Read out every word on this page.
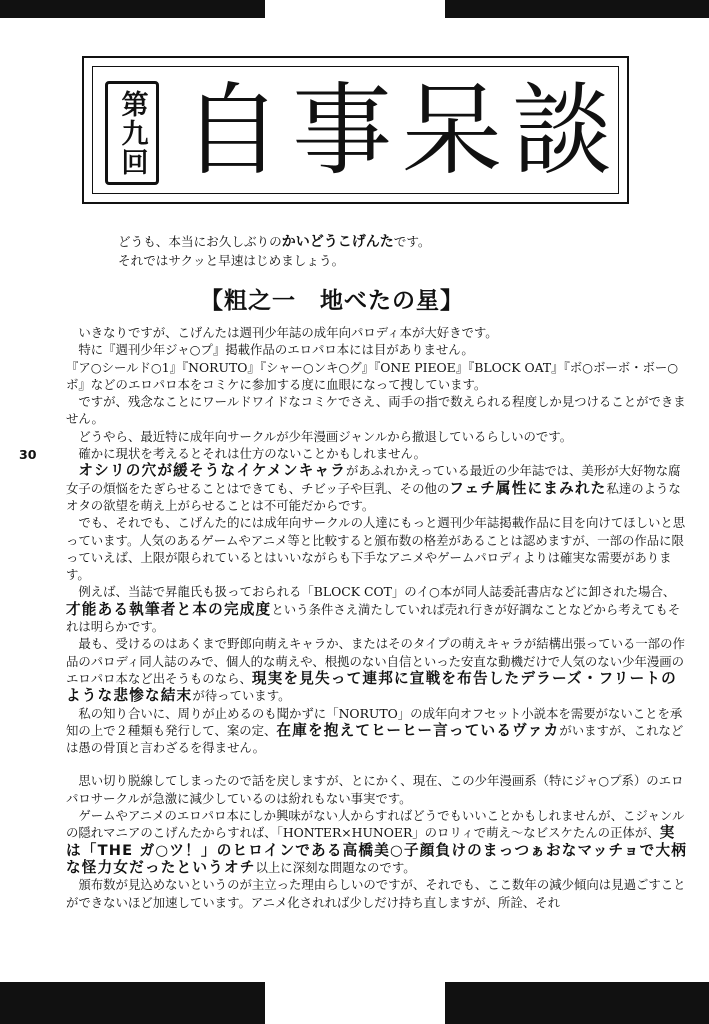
第九回 自 事 呆 談
どうも、本当にお久しぶりのかいどうこげんたです。
それではサクッと早速はじめましょう。
【粗之一　地べたの星】
30

いきなりですが、こげんたは週刊少年誌の成年向パロディ本が大好きです。

特に『週刊少年ジャ○プ』掲載作品のエロパロ本には目がありません。

『ア○シールド○1』『NORUTO』『シャー○ンキ○グ』『ONE PIEOE』『BLOCK OAT』『ボ○ボーボ・ボー○ボ』などのエロパロ本をコミケに参加する度に血眼になって捜しています。

ですが、残念なことにワールドワイドなコミケでさえ、両手の指で数えられる程度しか見つけることができません。

どうやら、最近特に成年向サークルが少年漫画ジャンルから撤退しているらしいのです。

確かに現状を考えるとそれは仕方のないことかもしれません。

オシリの穴が緩そうなイケメンキャラがあふれかえっている最近の少年誌では、美形が大好物な腐女子の煩悩をたぎらせることはできても、チビッ子や巨乳、その他のフェチ属性にまみれた私達のようなオタの欲望を萌え上がらせることは不可能だからです。

でも、それでも、こげんた的には成年向サークルの人達にもっと週刊少年誌掲載作品に目を向けてほしいと思っています。人気のあるゲームやアニメ等と比較すると頒布数の格差があることは認めますが、一部の作品に限っていえば、上限が限られているとはいいながらも下手なアニメやゲームパロディよりは確実な需要があります。

例えば、当誌で昇龍氏も扱っておられる「BLOCK COT」のイ○本が同人誌委託書店などに卸された場合、才能ある執筆者と本の完成度という条件さえ満たしていれば売れ行きが好調なことなどから考えてもそれは明らかです。

最も、受けるのはあくまで野郎向萌えキャラか、またはそのタイプの萌えキャラが結構出張っている一部の作品のパロディ同人誌のみで、個人的な萌えや、根拠のない自信といった安直な動機だけで人気のない少年漫画のエロパロ本など出そうものなら、現実を見失って連邦に宣戦を布告したデラーズ・フリートのような悲惨な結末が待っています。

私の知り合いに、周りが止めるのも聞かずに「NORUTO」の成年向オフセット小説本を需要がないことを承知の上で２種類も発行して、案の定、在庫を抱えてヒーヒー言っているヴァカがいますが、これなどは愚の骨頂と言わざるを得ません。

思い切り脱線してしまったので話を戻しますが、とにかく、現在、この少年漫画系（特にジャ○プ系）のエロパロサークルが急激に減少しているのは紛れもない事実です。

ゲームやアニメのエロパロ本にしか興味がない人からすればどうでもいいことかもしれませんが、こジャンルの隠れマニアのこげんたからすれば、「HONTER×HUNOER」のロリィで萌え〜なビスケたんの正体が、実は「THE ガ○ツ！」のヒロインである高橋美○子顔負けのまっつぁおなマッチョで大柄な怪力女だったというオチ以上に深刻な問題なのです。

頒布数が見込めないというのが主立った理由らしいのですが、それでも、ここ数年の減少傾向は見過ごすことができないほど加速しています。アニメ化されれば少しだけ持ち直しますが、所詮、それ
